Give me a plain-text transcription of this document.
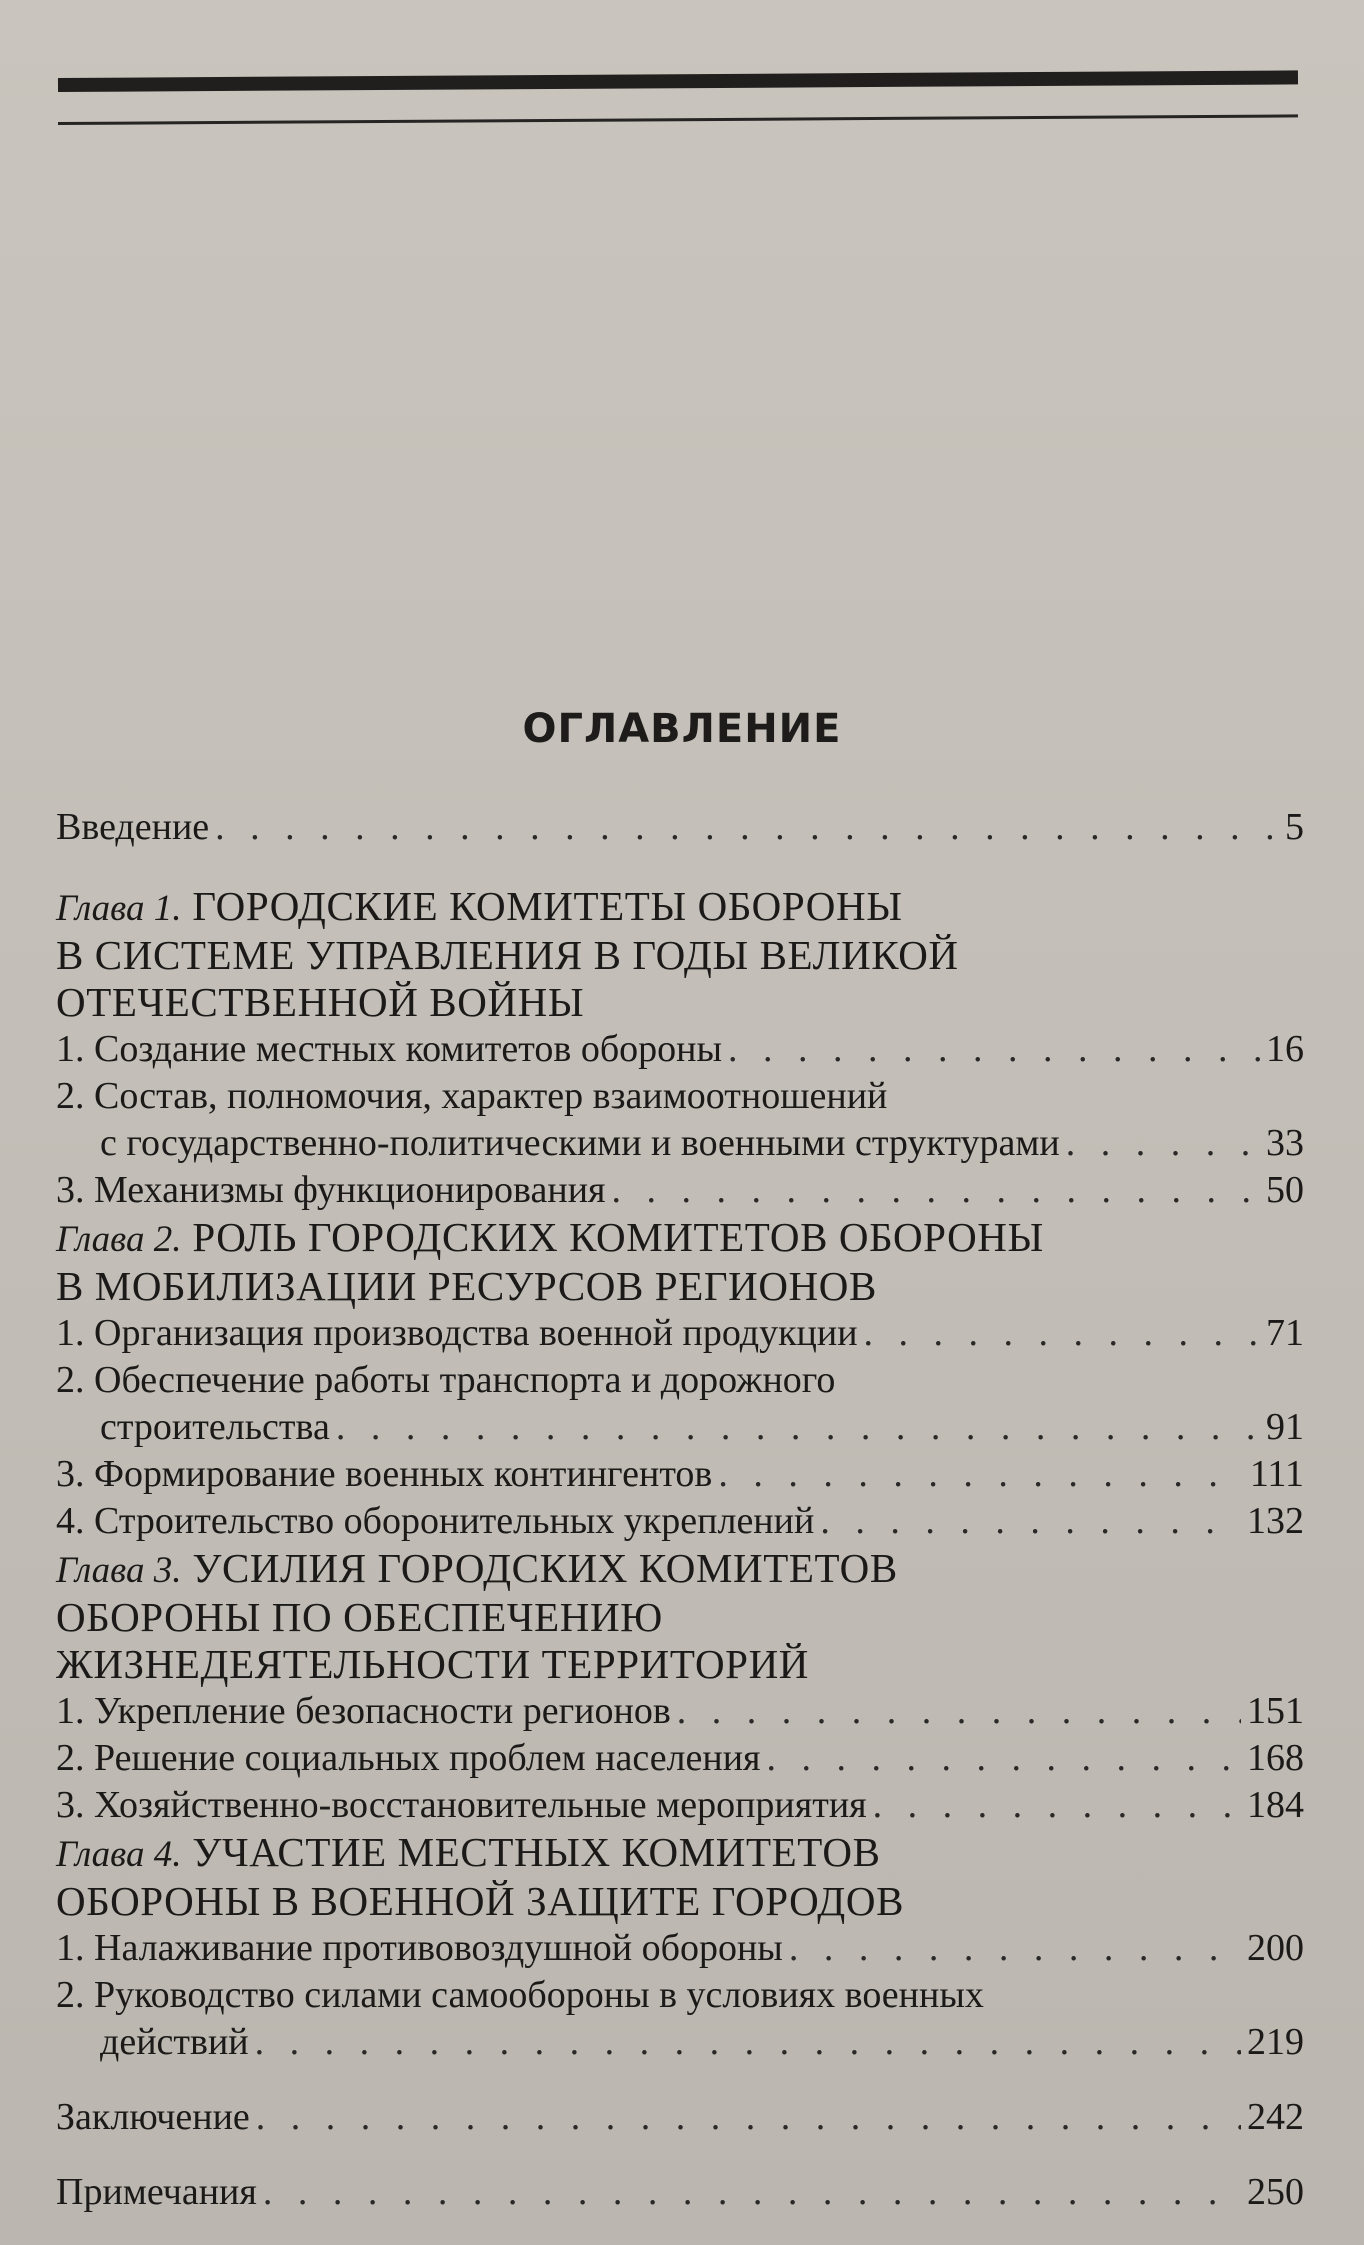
ОГЛАВЛЕНИЕ
Введение . . .	5
Глава 1. ГОРОДСКИЕ КОМИТЕТЫ ОБОРОНЫ
В СИСТЕМЕ УПРАВЛЕНИЯ В ГОДЫ ВЕЛИКОЙ
ОТЕЧЕСТВЕННОЙ ВОЙНЫ
1. Создание местных комитетов обороны . . .	16
2. Состав, полномочия, характер взаимоотношений
с государственно-политическими и военными структурами . . .	33
3. Механизмы функционирования . . .	50
Глава 2. РОЛЬ ГОРОДСКИХ КОМИТЕТОВ ОБОРОНЫ
В МОБИЛИЗАЦИИ РЕСУРСОВ РЕГИОНОВ
1. Организация производства военной продукции . . .	71
2. Обеспечение работы транспорта и дорожного
строительства . . .	91
3. Формирование военных контингентов . . .	111
4. Строительство оборонительных укреплений . . .	132
Глава 3. УСИЛИЯ ГОРОДСКИХ КОМИТЕТОВ
ОБОРОНЫ ПО ОБЕСПЕЧЕНИЮ
ЖИЗНЕДЕЯТЕЛЬНОСТИ ТЕРРИТОРИЙ
1. Укрепление безопасности регионов . . .	151
2. Решение социальных проблем населения . . .	168
3. Хозяйственно-восстановительные мероприятия . . .	184
Глава 4. УЧАСТИЕ МЕСТНЫХ КОМИТЕТОВ
ОБОРОНЫ В ВОЕННОЙ ЗАЩИТЕ ГОРОДОВ
1. Налаживание противовоздушной обороны . . .	200
2. Руководство силами самообороны в условиях военных
действий . . .	219
Заключение . . .	242
Примечания . . .	250
